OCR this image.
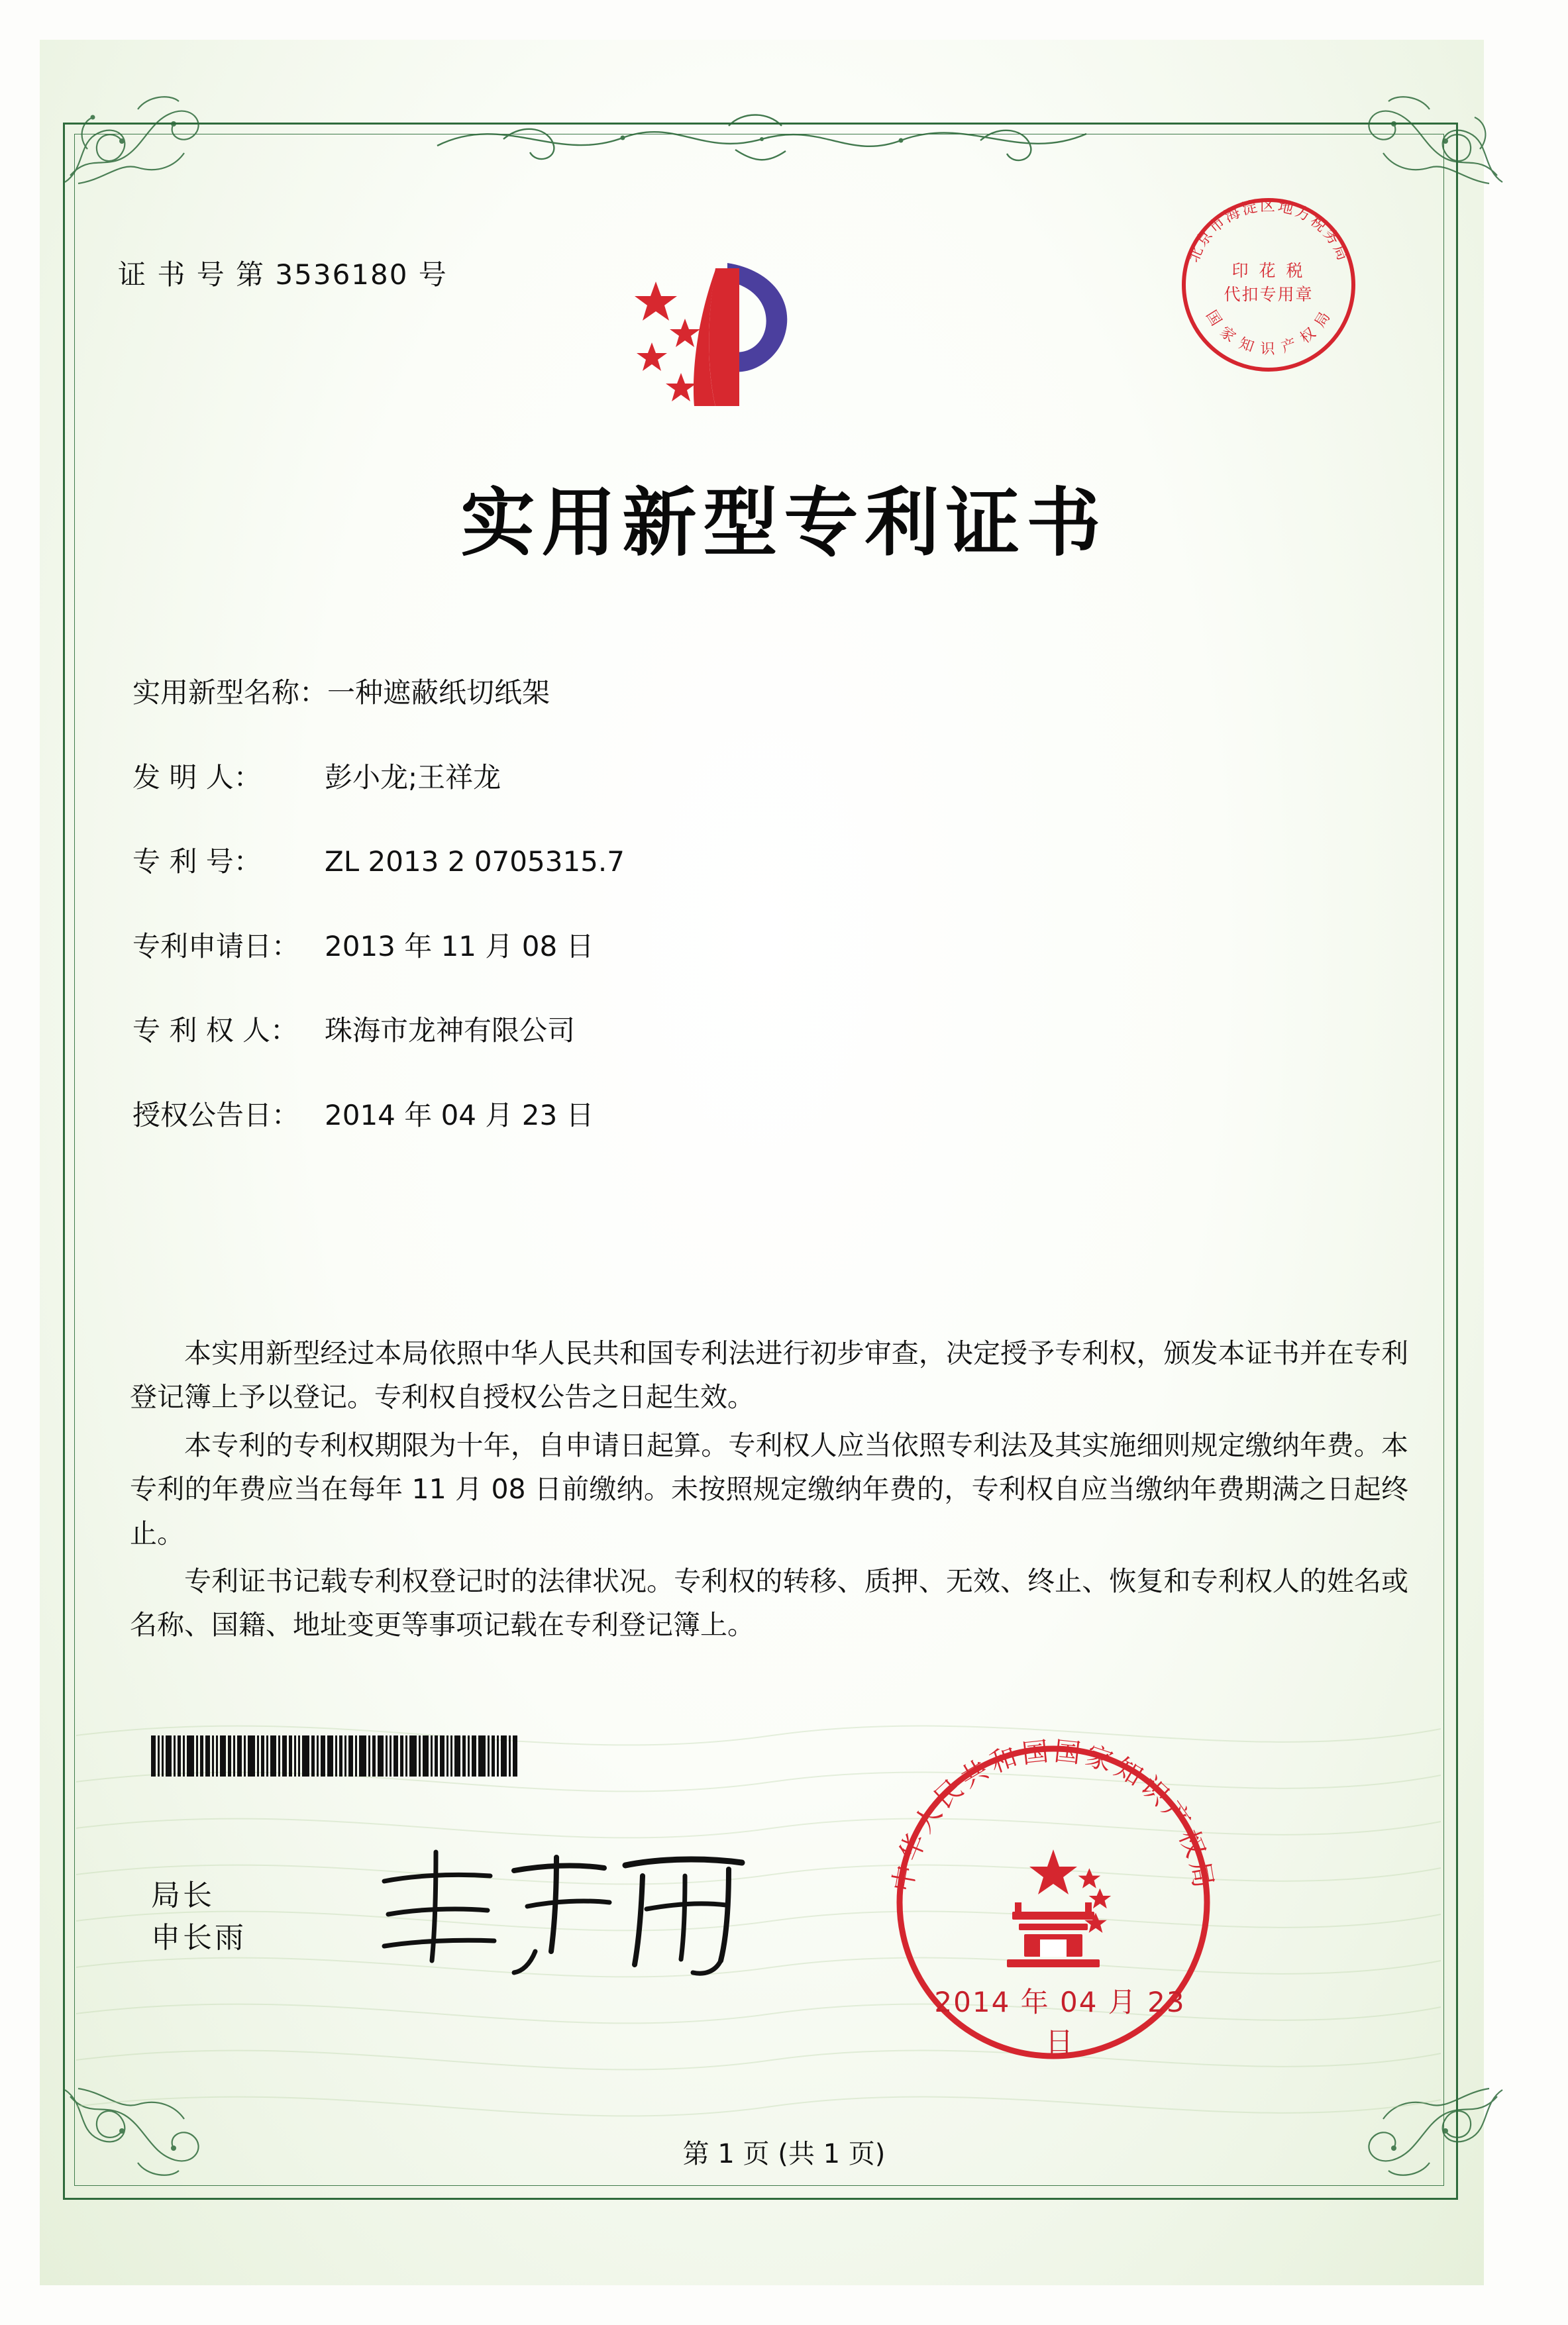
证 书 号 第 3536180 号
北京市海淀区地方税务局
国 家 知 识 产 权 局
印 花 税
代扣专用章
实用新型专利证书
实用新型名称：一种遮蔽纸切纸架
发 明 人： 彭小龙;王祥龙
专 利 号： ZL 2013 2 0705315.7
专利申请日： 2013 年 11 月 08 日
专 利 权 人： 珠海市龙神有限公司
授权公告日： 2014 年 04 月 23 日

本实用新型经过本局依照中华人民共和国专利法进行初步审查，决定授予专利权，颁发本证书并在专利登记簿上予以登记。专利权自授权公告之日起生效。

本专利的专利权期限为十年，自申请日起算。专利权人应当依照专利法及其实施细则规定缴纳年费。本专利的年费应当在每年 11 月 08 日前缴纳。未按照规定缴纳年费的，专利权自应当缴纳年费期满之日起终止。

专利证书记载专利权登记时的法律状况。专利权的转移、质押、无效、终止、恢复和专利权人的姓名或名称、国籍、地址变更等事项记载在专利登记簿上。

局长
申长雨
中华人民共和国国家知识产权局
2014 年 04 月 23 日
第 1 页 (共 1 页)
